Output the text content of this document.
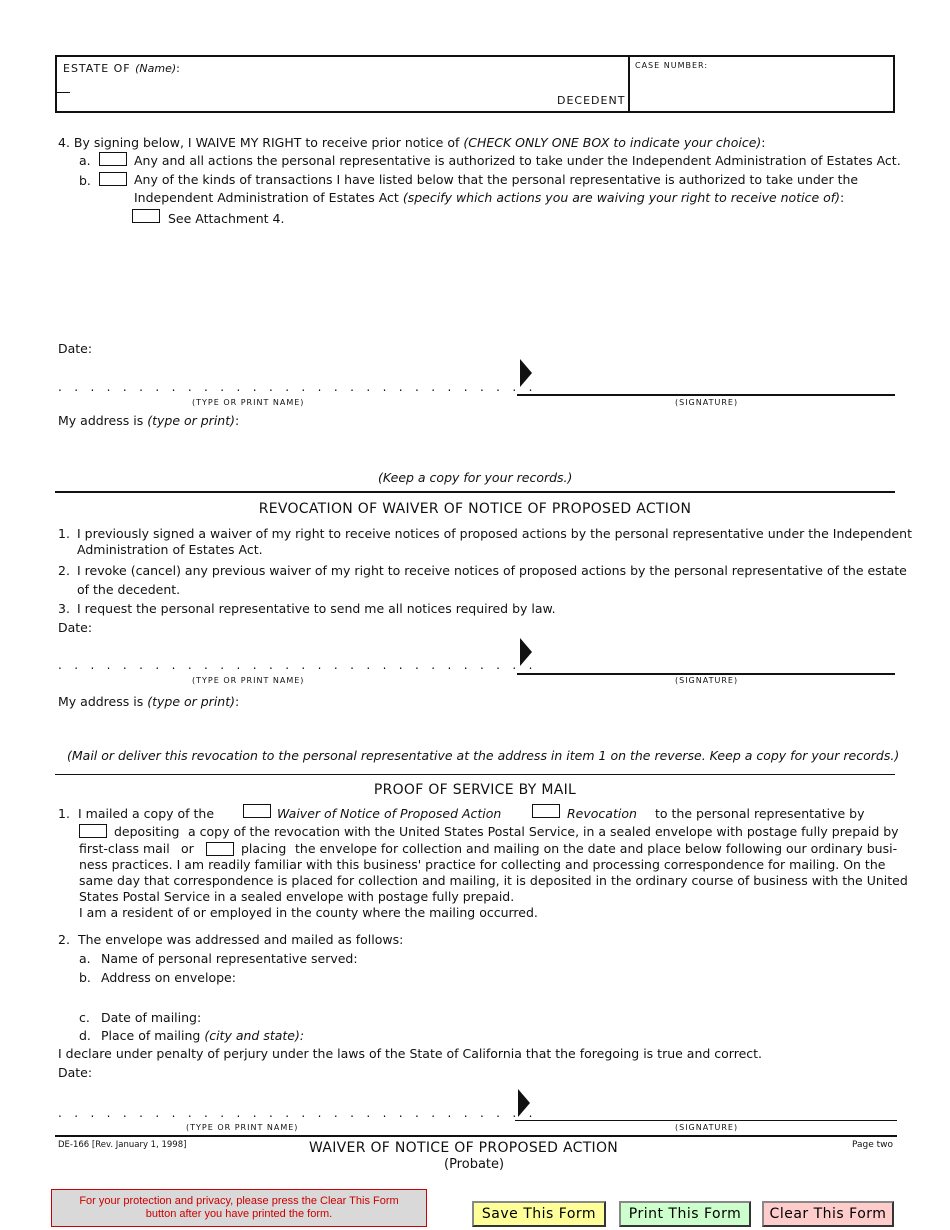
ESTATE OF (Name):
DECEDENT
CASE NUMBER:
4. By signing below, I WAIVE MY RIGHT to receive prior notice of (CHECK ONLY ONE BOX to indicate your choice):
a.	Any and all actions the personal representative is authorized to take under the Independent Administration of Estates Act.
b.	Any of the kinds of transactions I have listed below that the personal representative is authorized to take under the
Independent Administration of Estates Act (specify which actions you are waiving your right to receive notice of):
See Attachment 4.
Date:
. . . . . . . . . . . . . . . . . . . . . . . . . . . . . .
(TYPE OR PRINT NAME)	(SIGNATURE)
My address is (type or print):
(Keep a copy for your records.)
REVOCATION OF WAIVER OF NOTICE OF PROPOSED ACTION
1. I previously signed a waiver of my right to receive notices of proposed actions by the personal representative under the Independent
Administration of Estates Act.
2. I revoke (cancel) any previous waiver of my right to receive notices of proposed actions by the personal representative of the estate
of the decedent.
3. I request the personal representative to send me all notices required by law.
Date:
. . . . . . . . . . . . . . . . . . . . . . . . . . . . . .
(TYPE OR PRINT NAME)	(SIGNATURE)
My address is (type or print):
(Mail or deliver this revocation to the personal representative at the address in item 1 on the reverse. Keep a copy for your records.)
PROOF OF SERVICE BY MAIL
1. I mailed a copy of the	Waiver of Notice of Proposed Action	Revocation to the personal representative by
depositing a copy of the revocation with the United States Postal Service, in a sealed envelope with postage fully prepaid by
first-class mail or	placing the envelope for collection and mailing on the date and place below following our ordinary busi-
ness practices. I am readily familiar with this business' practice for collecting and processing correspondence for mailing. On the
same day that correspondence is placed for collection and mailing, it is deposited in the ordinary course of business with the United
States Postal Service in a sealed envelope with postage fully prepaid.
I am a resident of or employed in the county where the mailing occurred.
2. The envelope was addressed and mailed as follows:
a. Name of personal representative served:
b. Address on envelope:
c. Date of mailing:
d. Place of mailing (city and state):
I declare under penalty of perjury under the laws of the State of California that the foregoing is true and correct.
Date:
. . . . . . . . . . . . . . . . . . . . . . . . . . . . . .
(TYPE OR PRINT NAME)	(SIGNATURE)
DE-166 [Rev. January 1, 1998]	WAIVER OF NOTICE OF PROPOSED ACTION
(Probate)
Page two
For your protection and privacy, please press the Clear This Form
button after you have printed the form.	Save This Form	Print This Form	Clear This Form
